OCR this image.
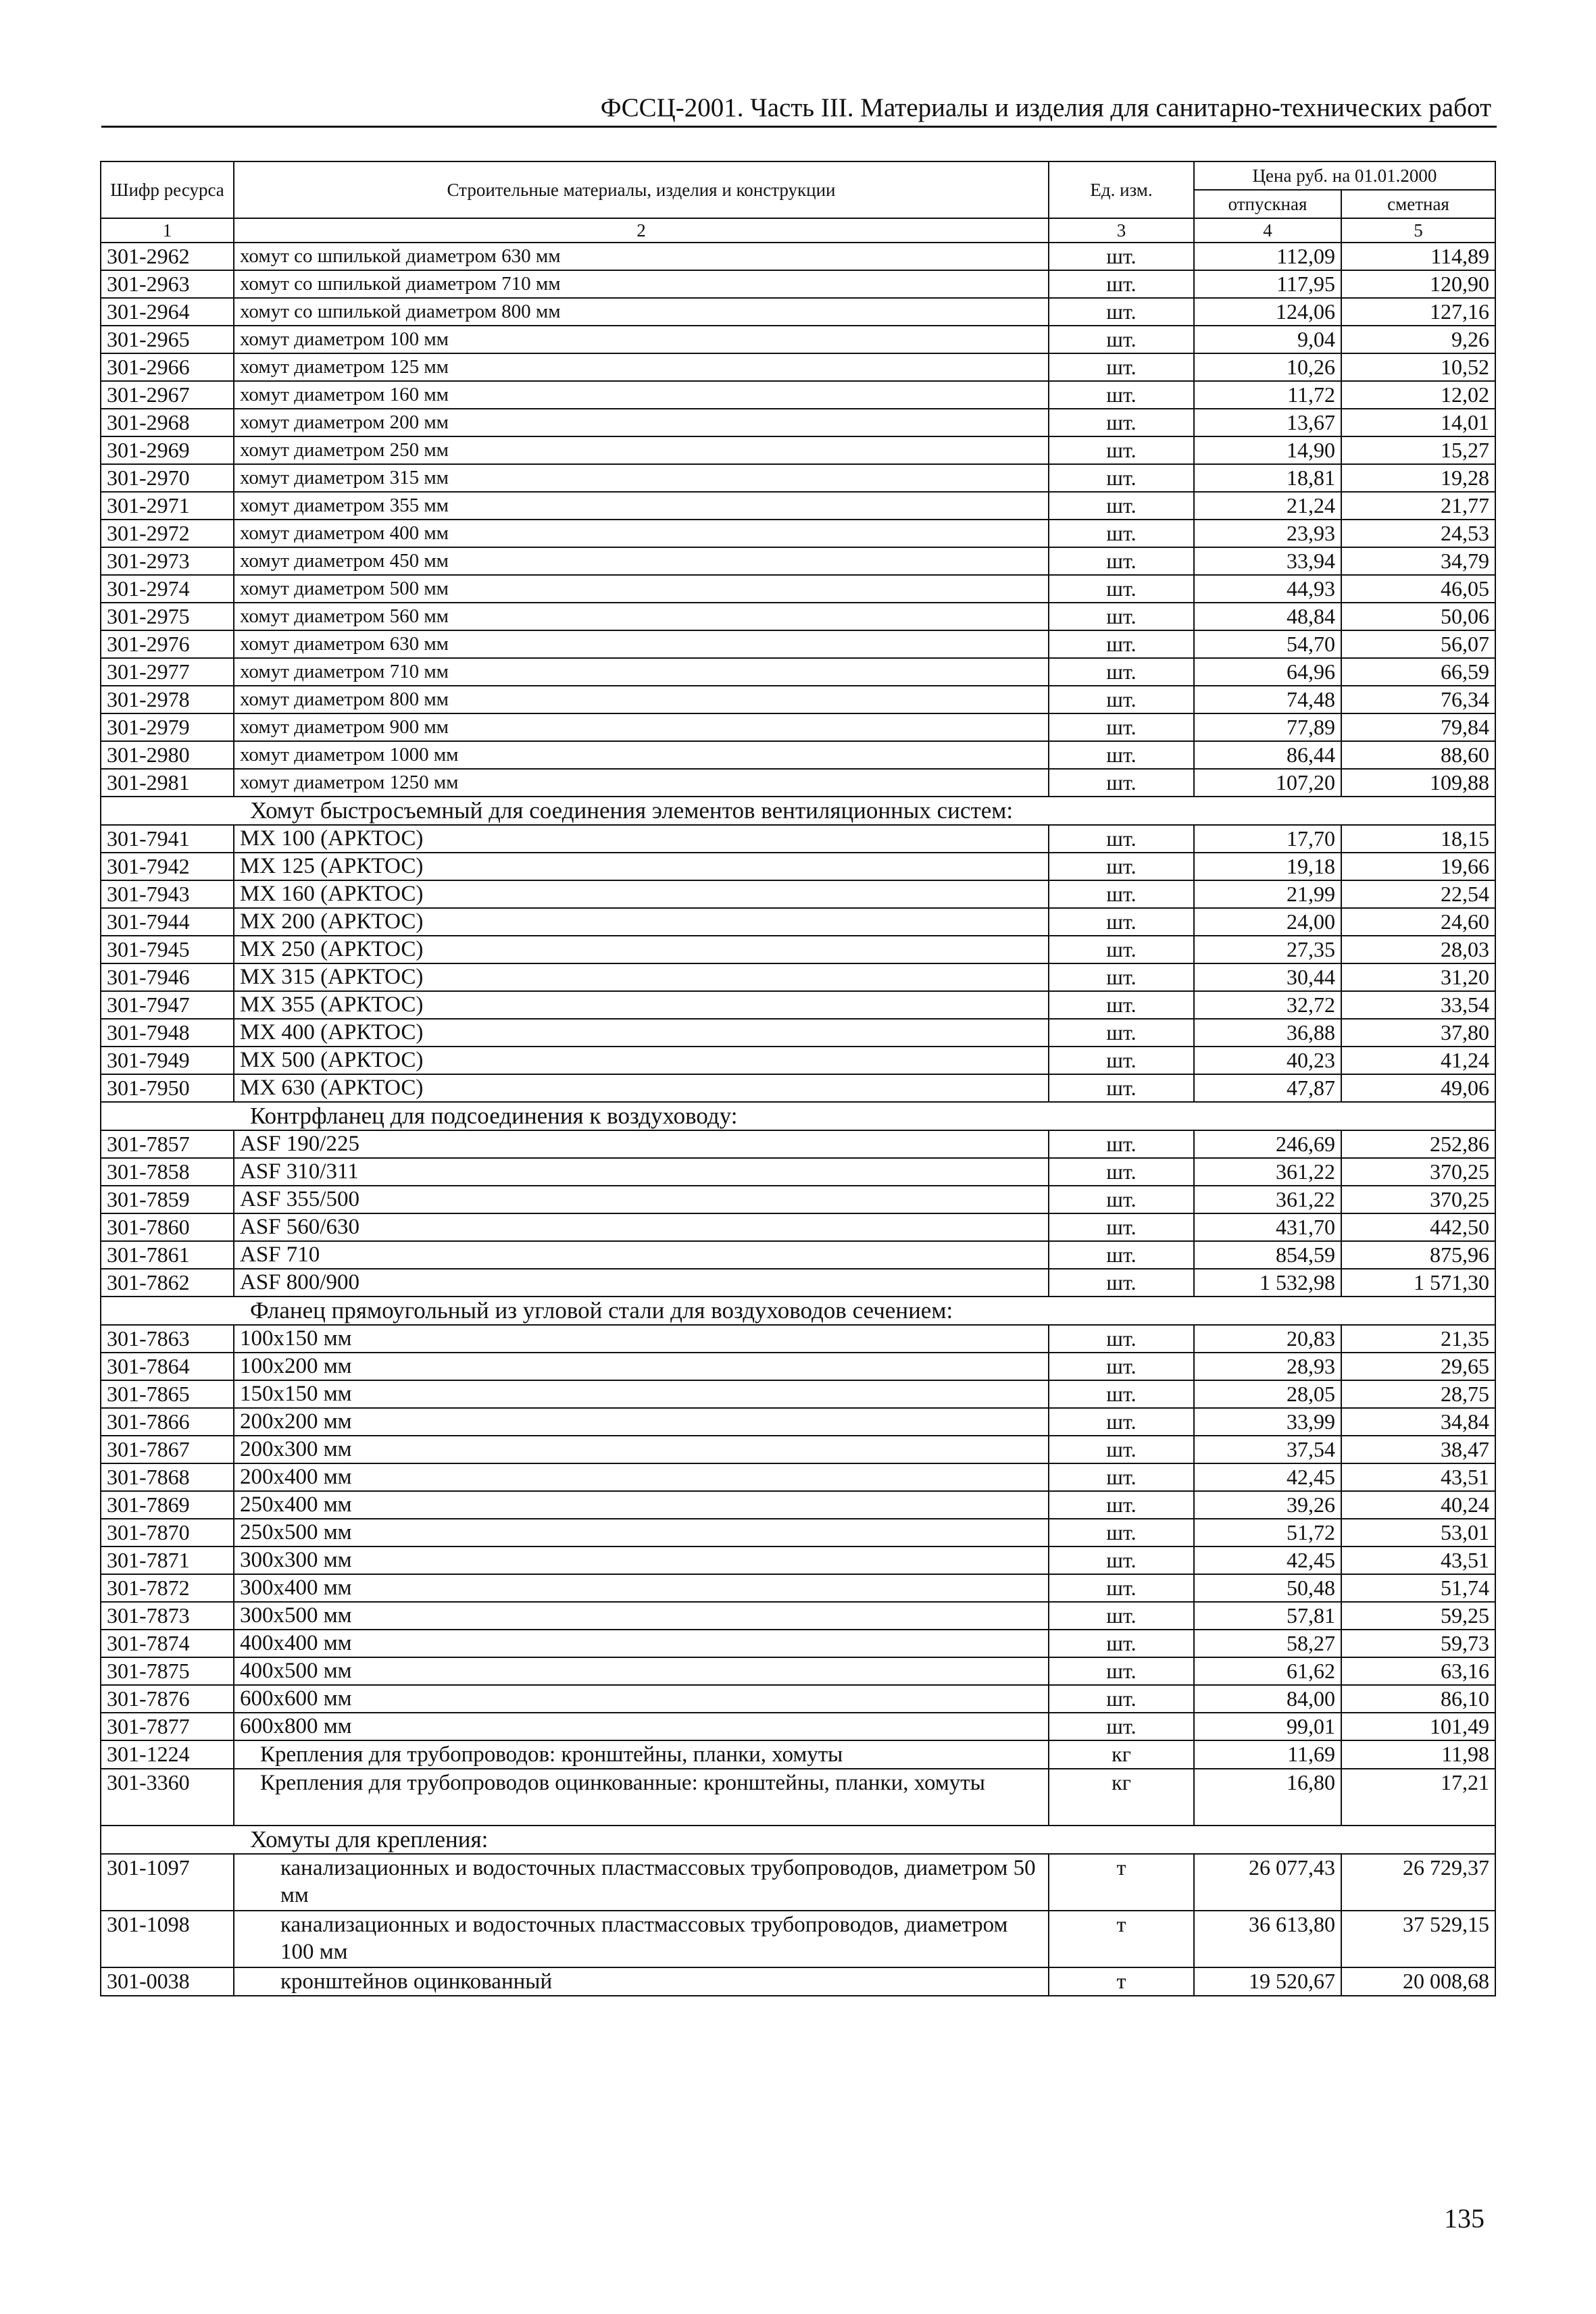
ФССЦ-2001. Часть III. Материалы и изделия для санитарно-технических работ
Шифр ресурса	Строительные материалы, изделия и конструкции	Ед. изм.	Цена руб. на 01.01.2000	
			отпускная	сметная
1	2	3	4	5
301-2962	хомут со шпилькой диаметром 630 мм	шт.	112,09	114,89
301-2963	хомут со шпилькой диаметром 710 мм	шт.	117,95	120,90
301-2964	хомут со шпилькой диаметром 800 мм	шт.	124,06	127,16
301-2965	хомут диаметром 100 мм	шт.	9,04	9,26
301-2966	хомут диаметром 125 мм	шт.	10,26	10,52
301-2967	хомут диаметром 160 мм	шт.	11,72	12,02
301-2968	хомут диаметром 200 мм	шт.	13,67	14,01
301-2969	хомут диаметром 250 мм	шт.	14,90	15,27
301-2970	хомут диаметром 315 мм	шт.	18,81	19,28
301-2971	хомут диаметром 355 мм	шт.	21,24	21,77
301-2972	хомут диаметром 400 мм	шт.	23,93	24,53
301-2973	хомут диаметром 450 мм	шт.	33,94	34,79
301-2974	хомут диаметром 500 мм	шт.	44,93	46,05
301-2975	хомут диаметром 560 мм	шт.	48,84	50,06
301-2976	хомут диаметром 630 мм	шт.	54,70	56,07
301-2977	хомут диаметром 710 мм	шт.	64,96	66,59
301-2978	хомут диаметром 800 мм	шт.	74,48	76,34
301-2979	хомут диаметром 900 мм	шт.	77,89	79,84
301-2980	хомут диаметром 1000 мм	шт.	86,44	88,60
301-2981	хомут диаметром 1250 мм	шт.	107,20	109,88
Хомут быстросъемный для соединения элементов вентиляционных систем:				
301-7941	MX 100 (АРКТОС)	шт.	17,70	18,15
301-7942	MX 125 (АРКТОС)	шт.	19,18	19,66
301-7943	MX 160 (АРКТОС)	шт.	21,99	22,54
301-7944	MX 200 (АРКТОС)	шт.	24,00	24,60
301-7945	MX 250 (АРКТОС)	шт.	27,35	28,03
301-7946	MX 315 (АРКТОС)	шт.	30,44	31,20
301-7947	MX 355 (АРКТОС)	шт.	32,72	33,54
301-7948	MX 400 (АРКТОС)	шт.	36,88	37,80
301-7949	MX 500 (АРКТОС)	шт.	40,23	41,24
301-7950	MX 630 (АРКТОС)	шт.	47,87	49,06
Контрфланец для подсоединения к воздуховоду:				
301-7857	ASF 190/225	шт.	246,69	252,86
301-7858	ASF 310/311	шт.	361,22	370,25
301-7859	ASF 355/500	шт.	361,22	370,25
301-7860	ASF 560/630	шт.	431,70	442,50
301-7861	ASF 710	шт.	854,59	875,96
301-7862	ASF 800/900	шт.	1 532,98	1 571,30
Фланец прямоугольный из угловой стали для воздуховодов сечением:				
301-7863	100x150 мм	шт.	20,83	21,35
301-7864	100x200 мм	шт.	28,93	29,65
301-7865	150x150 мм	шт.	28,05	28,75
301-7866	200x200 мм	шт.	33,99	34,84
301-7867	200x300 мм	шт.	37,54	38,47
301-7868	200x400 мм	шт.	42,45	43,51
301-7869	250x400 мм	шт.	39,26	40,24
301-7870	250x500 мм	шт.	51,72	53,01
301-7871	300x300 мм	шт.	42,45	43,51
301-7872	300x400 мм	шт.	50,48	51,74
301-7873	300x500 мм	шт.	57,81	59,25
301-7874	400x400 мм	шт.	58,27	59,73
301-7875	400x500 мм	шт.	61,62	63,16
301-7876	600x600 мм	шт.	84,00	86,10
301-7877	600x800 мм	шт.	99,01	101,49
301-1224	Крепления для трубопроводов: кронштейны, планки, хомуты	кг	11,69	11,98
301-3360	Крепления для трубопроводов оцинкованные: кронштейны, планки, хомуты	кг	16,80	17,21
Хомуты для крепления:				
301-1097	канализационных и водосточных пластмассовых трубопроводов, диаметром 50 мм	т	26 077,43	26 729,37
301-1098	канализационных и водосточных пластмассовых трубопроводов, диаметром 100 мм	т	36 613,80	37 529,15
301-0038	кронштейнов оцинкованный	т	19 520,67	20 008,68
135
